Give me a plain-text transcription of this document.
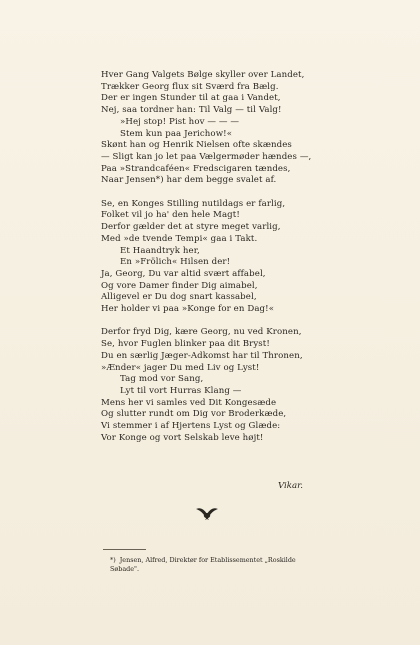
Hver Gang Valgets Bølge skyller over Landet,
Trækker Georg flux sit Sværd fra Bælg.
Der er ingen Stunder til at gaa i Vandet,
Nej, saa tordner han: Til Valg — til Valg!
»Hej stop! Pist hov — — —
Stem kun paa Jerichow!«
Skønt han og Henrik Nielsen ofte skændes
— Sligt kan jo let paa Vælgermøder hændes —,
Paa »Strandcaféen« Fredscigaren tændes,
Naar Jensen*) har dem begge svalet af.
Se, en Konges Stilling nutildags er farlig,
Folket vil jo ha' den hele Magt!
Derfor gælder det at styre meget varlig,
Med »de tvende Tempi« gaa i Takt.
Et Haandtryk her,
En »Frölich« Hilsen der!
Ja, Georg, Du var altid svært affabel,
Og vore Damer finder Dig aimabel,
Alligevel er Du dog snart kassabel,
Her holder vi paa »Konge for en Dag!«
Derfor fryd Dig, kære Georg, nu ved Kronen,
Se, hvor Fuglen blinker paa dit Bryst!
Du en særlig Jæger-Adkomst har til Thronen,
»Ænder« jager Du med Liv og Lyst!
Tag mod vor Sang,
Lyt til vort Hurras Klang —
Mens her vi samles ved Dit Kongesæde
Og slutter rundt om Dig vor Broderkæde,
Vi stemmer i af Hjertens Lyst og Glæde:
Vor Konge og vort Selskab leve højt!
Vikar.
*) Jensen, Alfred, Direktør for Etablissementet „Roskilde Søbade".
